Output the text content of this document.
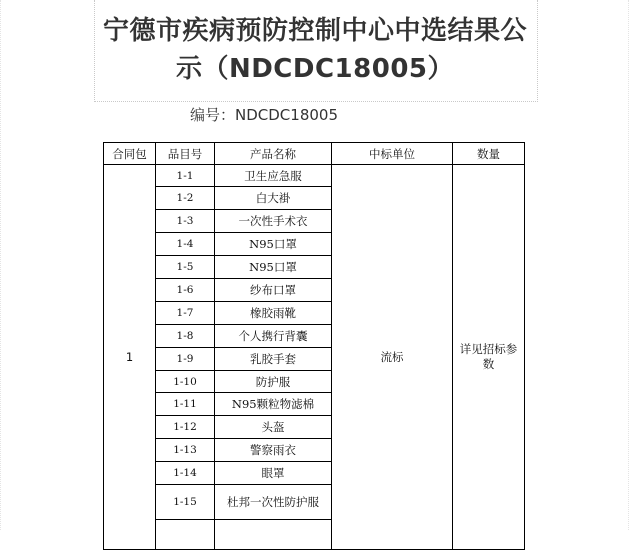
宁德市疾病预防控制中心中选结果公示（NDCDC18005）
编号：NDCDC18005
合同包	品目号	产品名称	中标单位	数量
1	1-1	卫生应急服	流标	详见招标参数
	1-2	白大褂		
	1-3	一次性手术衣		
	1-4	N95口罩		
	1-5	N95口罩		
	1-6	纱布口罩		
	1-7	橡胶雨靴		
	1-8	个人携行背囊		
	1-9	乳胶手套		
	1-10	防护服		
	1-11	N95颗粒物滤棉		
	1-12	头盔		
	1-13	警察雨衣		
	1-14	眼罩		
	1-15	杜邦一次性防护服		
